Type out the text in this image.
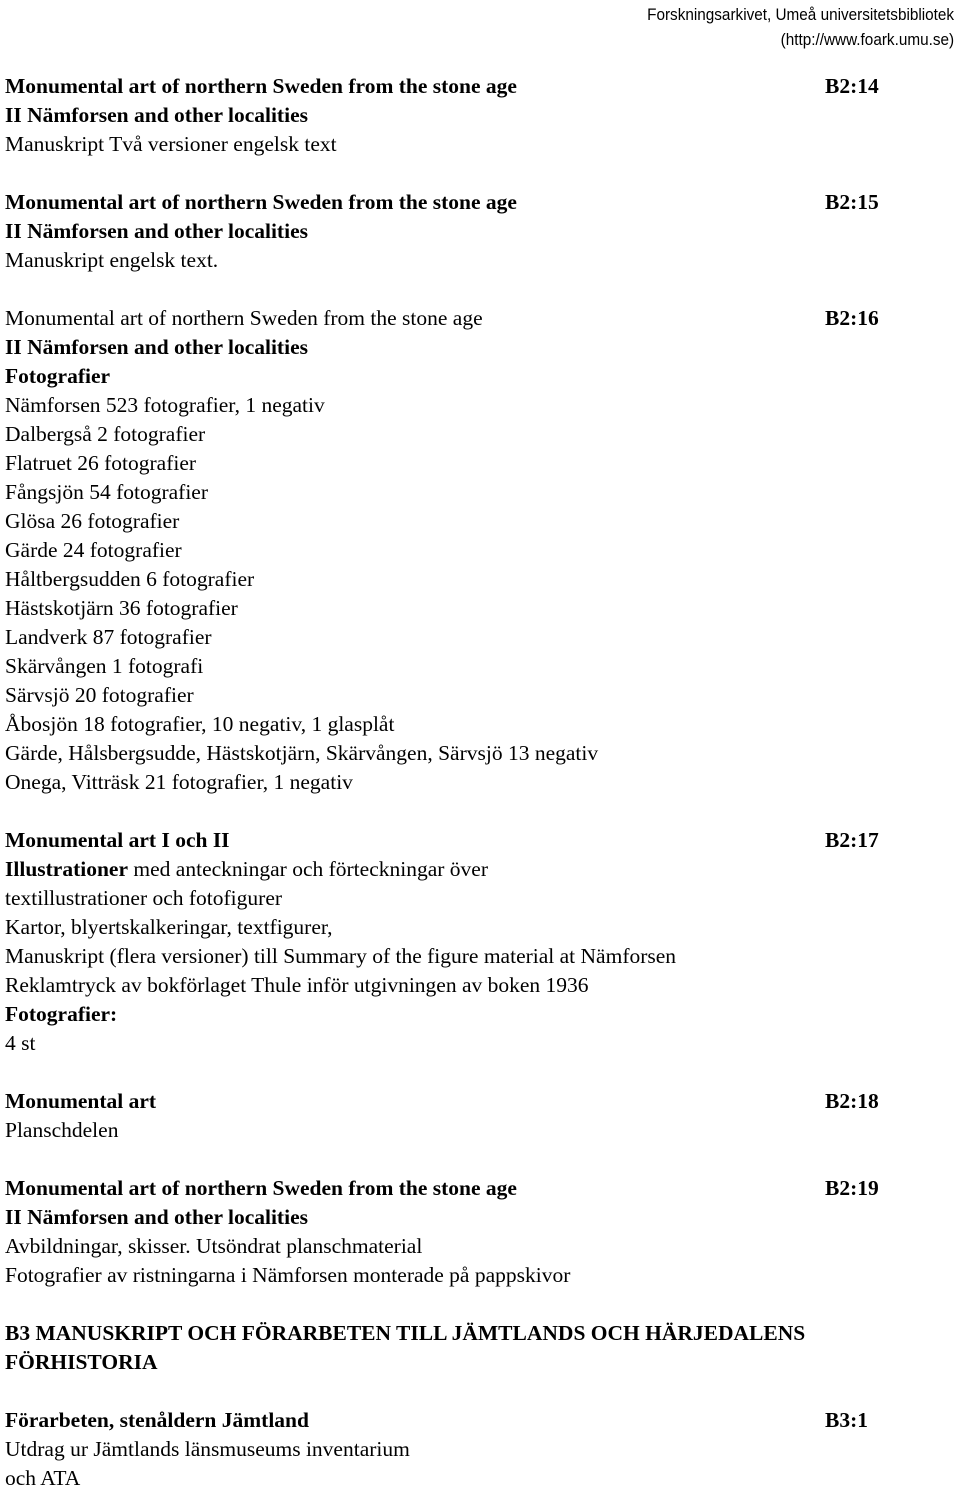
Forskningsarkivet, Umeå universitetsbibliotek
(http://www.foark.umu.se)
B2:14
Monumental art of northern Sweden from the stone age
II Nämforsen and other localities
Manuskript Två versioner engelsk text
B2:15
Monumental art of northern Sweden from the stone age
II Nämforsen and other localities
Manuskript engelsk text.
B2:16
Monumental art of northern Sweden from the stone age
II Nämforsen and other localities
Fotografier
Nämforsen 523 fotografier, 1 negativ
Dalbergså 2 fotografier
Flatruet 26 fotografier
Fångsjön 54 fotografier
Glösa 26 fotografier
Gärde 24 fotografier
Håltbergsudden 6 fotografier
Hästskotjärn 36 fotografier
Landverk 87 fotografier
Skärvången 1 fotografi
Särvsjö 20 fotografier
Åbosjön 18 fotografier, 10 negativ, 1 glasplåt
Gärde, Hålsbergsudde, Hästskotjärn, Skärvången, Särvsjö 13 negativ
Onega, Vitträsk 21 fotografier, 1 negativ
B2:17
Monumental art I och II
Illustrationer med anteckningar och förteckningar över
textillustrationer och fotofigurer
Kartor, blyertskalkeringar, textfigurer,
Manuskript (flera versioner) till Summary of the figure material at Nämforsen
Reklamtryck av bokförlaget Thule inför utgivningen av boken 1936
Fotografier:
4 st
B2:18
Monumental art
Planschdelen
B2:19
Monumental art of northern Sweden from the stone age
II Nämforsen and other localities
Avbildningar, skisser. Utsöndrat planschmaterial
Fotografier av ristningarna i Nämforsen monterade på pappskivor
B3 MANUSKRIPT OCH FÖRARBETEN TILL JÄMTLANDS OCH HÄRJEDALENS
FÖRHISTORIA
B3:1
Förarbeten, stenåldern Jämtland
Utdrag ur Jämtlands länsmuseums inventarium
och ATA
